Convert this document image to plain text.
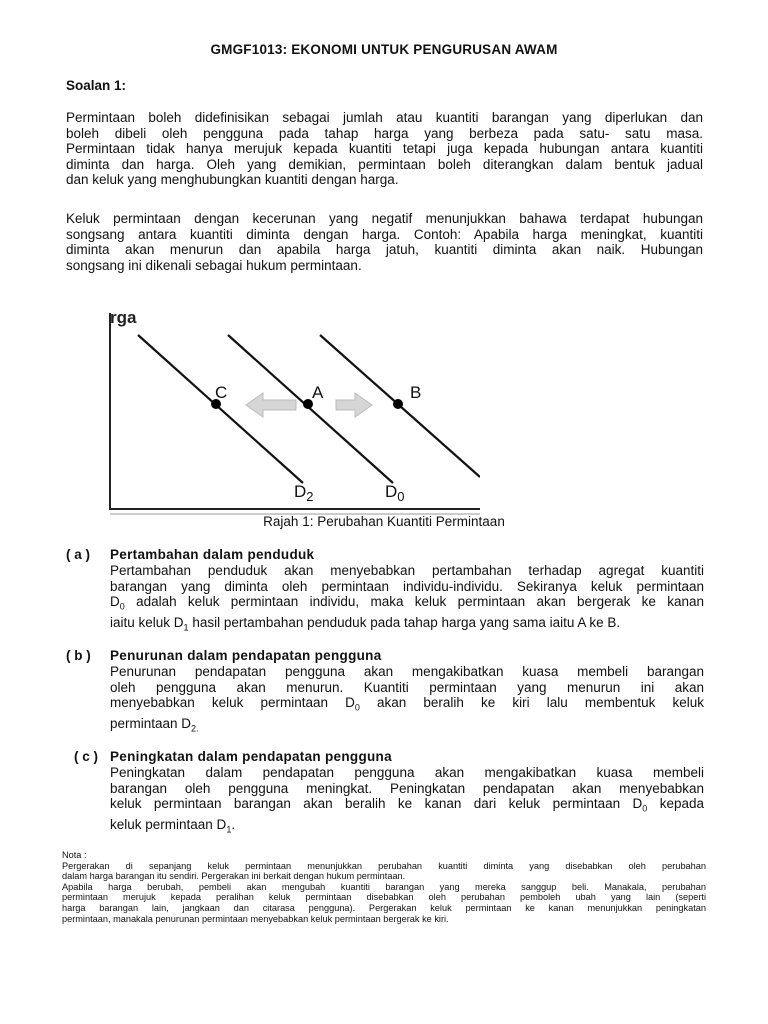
GMGF1013: EKONOMI UNTUK PENGURUSAN AWAM
Soalan 1:
Permintaan boleh didefinisikan sebagai jumlah atau kuantiti barangan yang diperlukan dan
boleh dibeli oleh pengguna pada tahap harga yang berbeza pada satu- satu masa.
Permintaan tidak hanya merujuk kepada kuantiti tetapi juga kepada hubungan antara kuantiti
diminta dan harga. Oleh yang demikian, permintaan boleh diterangkan dalam bentuk jadual
dan keluk yang menghubungkan kuantiti dengan harga.
Keluk permintaan dengan kecerunan yang negatif menunjukkan bahawa terdapat hubungan
songsang antara kuantiti diminta dengan harga. Contoh: Apabila harga meningkat, kuantiti
diminta akan menurun dan apabila harga jatuh, kuantiti diminta akan naik. Hubungan
songsang ini dikenali sebagai hukum permintaan.
rga
C	A	B
$D_2$	$D_0$
Rajah 1: Perubahan Kuantiti Permintaan
( a ) Pertambahan dalam penduduk
Pertambahan penduduk akan menyebabkan pertambahan terhadap agregat kuantiti
barangan yang diminta oleh permintaan individu-individu. Sekiranya keluk permintaan
$D_0$ adalah keluk permintaan individu, maka keluk permintaan akan bergerak ke kanan
iaitu keluk $D_1$ hasil pertambahan penduduk pada tahap harga yang sama iaitu A ke B.
( b ) Penurunan dalam pendapatan pengguna
Penurunan pendapatan pengguna akan mengakibatkan kuasa membeli barangan
oleh pengguna akan menurun. Kuantiti permintaan yang menurun ini akan
menyebabkan keluk permintaan $D_0$ akan beralih ke kiri lalu membentuk keluk
permintaan $D_{2.}$
( c ) Peningkatan dalam pendapatan pengguna
Peningkatan dalam pendapatan pengguna akan mengakibatkan kuasa membeli
barangan oleh pengguna meningkat. Peningkatan pendapatan akan menyebabkan
keluk permintaan barangan akan beralih ke kanan dari keluk permintaan $D_0$ kepada
keluk permintaan $D_1$.
Nota :
Pergerakan di sepanjang keluk permintaan menunjukkan perubahan kuantiti diminta yang disebabkan oleh perubahan
dalam harga barangan itu sendiri. Pergerakan ini berkait dengan hukum permintaan.
Apabila harga berubah, pembeli akan mengubah kuantiti barangan yang mereka sanggup beli. Manakala, perubahan
permintaan merujuk kepada peralihan keluk permintaan disebabkan oleh perubahan pemboleh ubah yang lain (seperti
harga barangan lain, jangkaan dan citarasa pengguna). Pergerakan keluk permintaan ke kanan menunjukkan peningkatan
permintaan, manakala penurunan permintaan menyebabkan keluk permintaan bergerak ke kiri.
